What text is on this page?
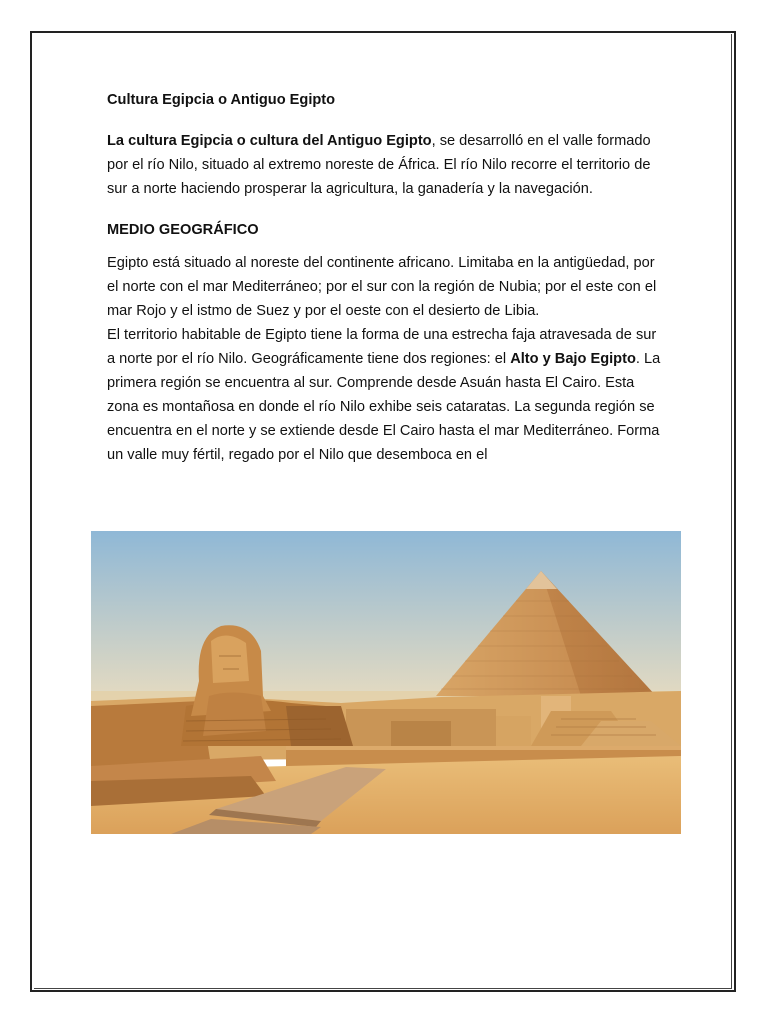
Cultura Egipcia o Antiguo Egipto

La cultura Egipcia o cultura del Antiguo Egipto, se desarrolló en el valle formado por el río Nilo, situado al extremo noreste de África. El río Nilo recorre el territorio de sur a norte haciendo prosperar la agricultura, la ganadería y la navegación.

MEDIO GEOGRÁFICO

Egipto está situado al noreste del continente africano. Limitaba en la antigüedad, por el norte con el mar Mediterráneo; por el sur con la región de Nubia; por el este con el mar Rojo y el istmo de Suez y por el oeste con el desierto de Libia.

El territorio habitable de Egipto tiene la forma de una estrecha faja atravesada de sur a norte por el río Nilo. Geográficamente tiene dos regiones: el Alto y Bajo Egipto. La primera región se encuentra al sur. Comprende desde Asuán hasta El Cairo. Esta zona es montañosa en donde el río Nilo exhibe seis cataratas. La segunda región se encuentra en el norte y se extiende desde El Cairo hasta el mar Mediterráneo. Forma un valle muy fértil, regado por el Nilo que desemboca en el
